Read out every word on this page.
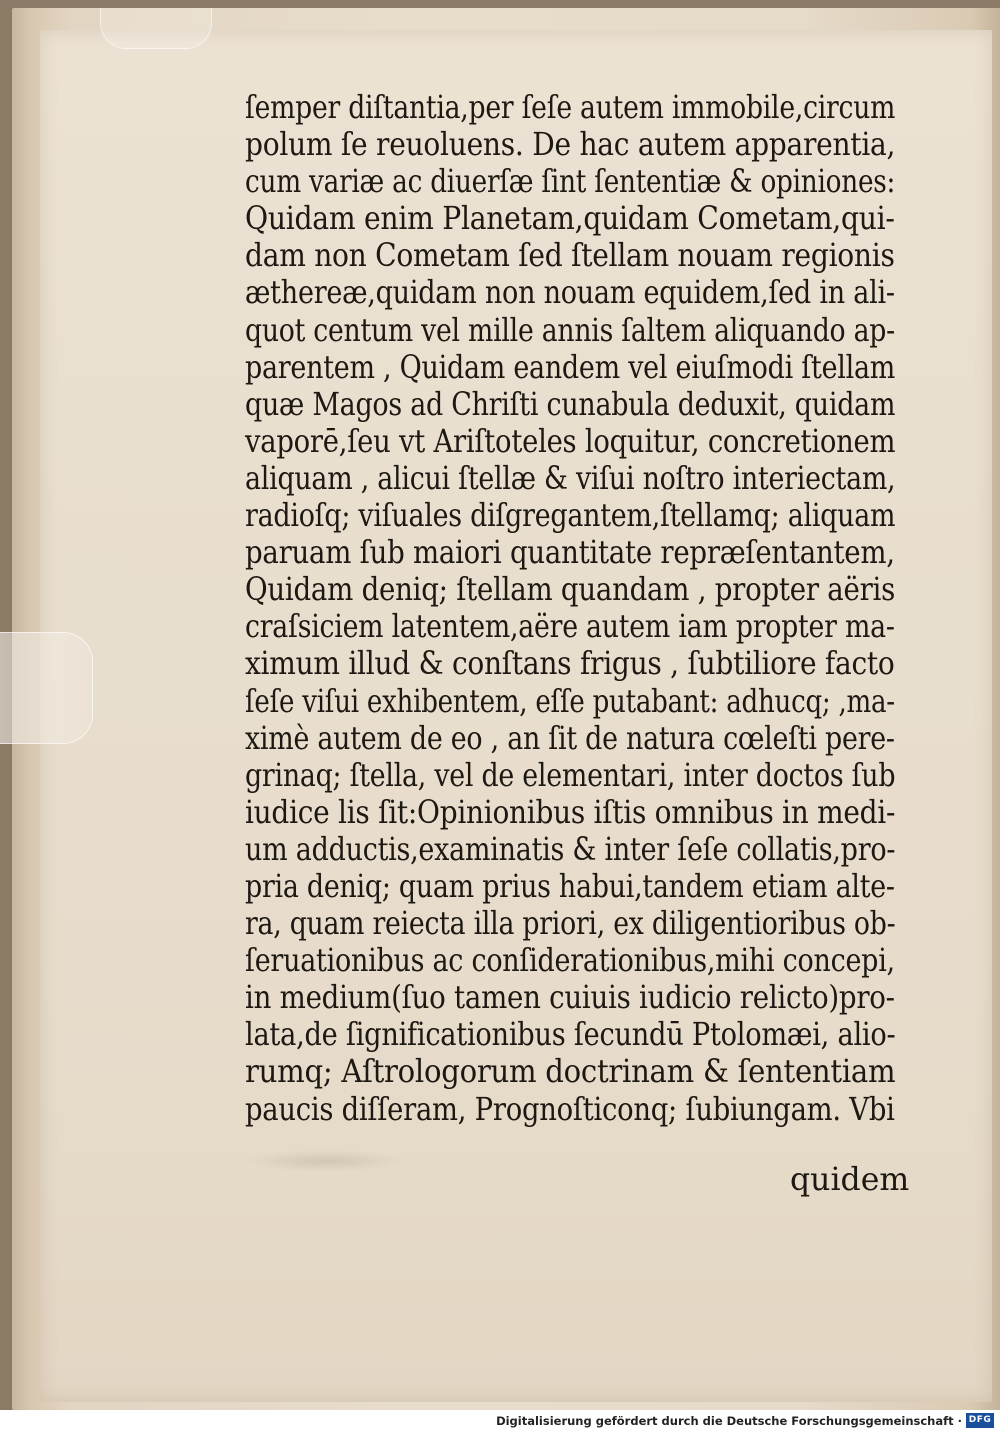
ſemper diſtantia,per ſeſe autem immobile,circum
polum ſe reuoluens. De hac autem apparentia,
cum variæ ac diuerſæ ſint ſententiæ & opiniones:
Quidam enim Planetam,quidam Cometam,qui-
dam non Cometam ſed ſtellam nouam regionis
æthereæ,quidam non nouam equidem,ſed in ali-
quot centum vel mille annis ſaltem aliquando ap-
parentem , Quidam eandem vel eiuſmodi ſtellam
quæ Magos ad Chriſti cunabula deduxit, quidam
vaporē,ſeu vt Ariſtoteles loquitur, concretionem
aliquam , alicui ſtellæ & viſui noſtro interiectam,
radioſq; viſuales diſgregantem,ſtellamq; aliquam
paruam ſub maiori quantitate repræſentantem,
Quidam deniq; ſtellam quandam , propter aëris
craſsiciem latentem,aëre autem iam propter ma-
ximum illud & conſtans frigus , ſubtiliore facto
ſeſe viſui exhibentem, eſſe putabant: adhucq; ,ma-
ximè autem de eo , an ſit de natura cœleſti pere-
grinaq; ſtella, vel de elementari, inter doctos ſub
iudice lis ſit:Opinionibus iſtis omnibus in medi-
um adductis,examinatis & inter ſeſe collatis,pro-
pria deniq; quam prius habui,tandem etiam alte-
ra, quam reiecta illa priori, ex diligentioribus ob-
ſeruationibus ac conſiderationibus,mihi concepi,
in medium(ſuo tamen cuiuis iudicio relicto)pro-
lata,de ſignificationibus ſecundū Ptolomæi, alio-
rumq; Aſtrologorum doctrinam & ſententiam
paucis diſſeram, Prognoſticonq; ſubiungam. Vbi
quidem
Digitalisierung gefördert durch die Deutsche Forschungsgemeinschaft · DFG
